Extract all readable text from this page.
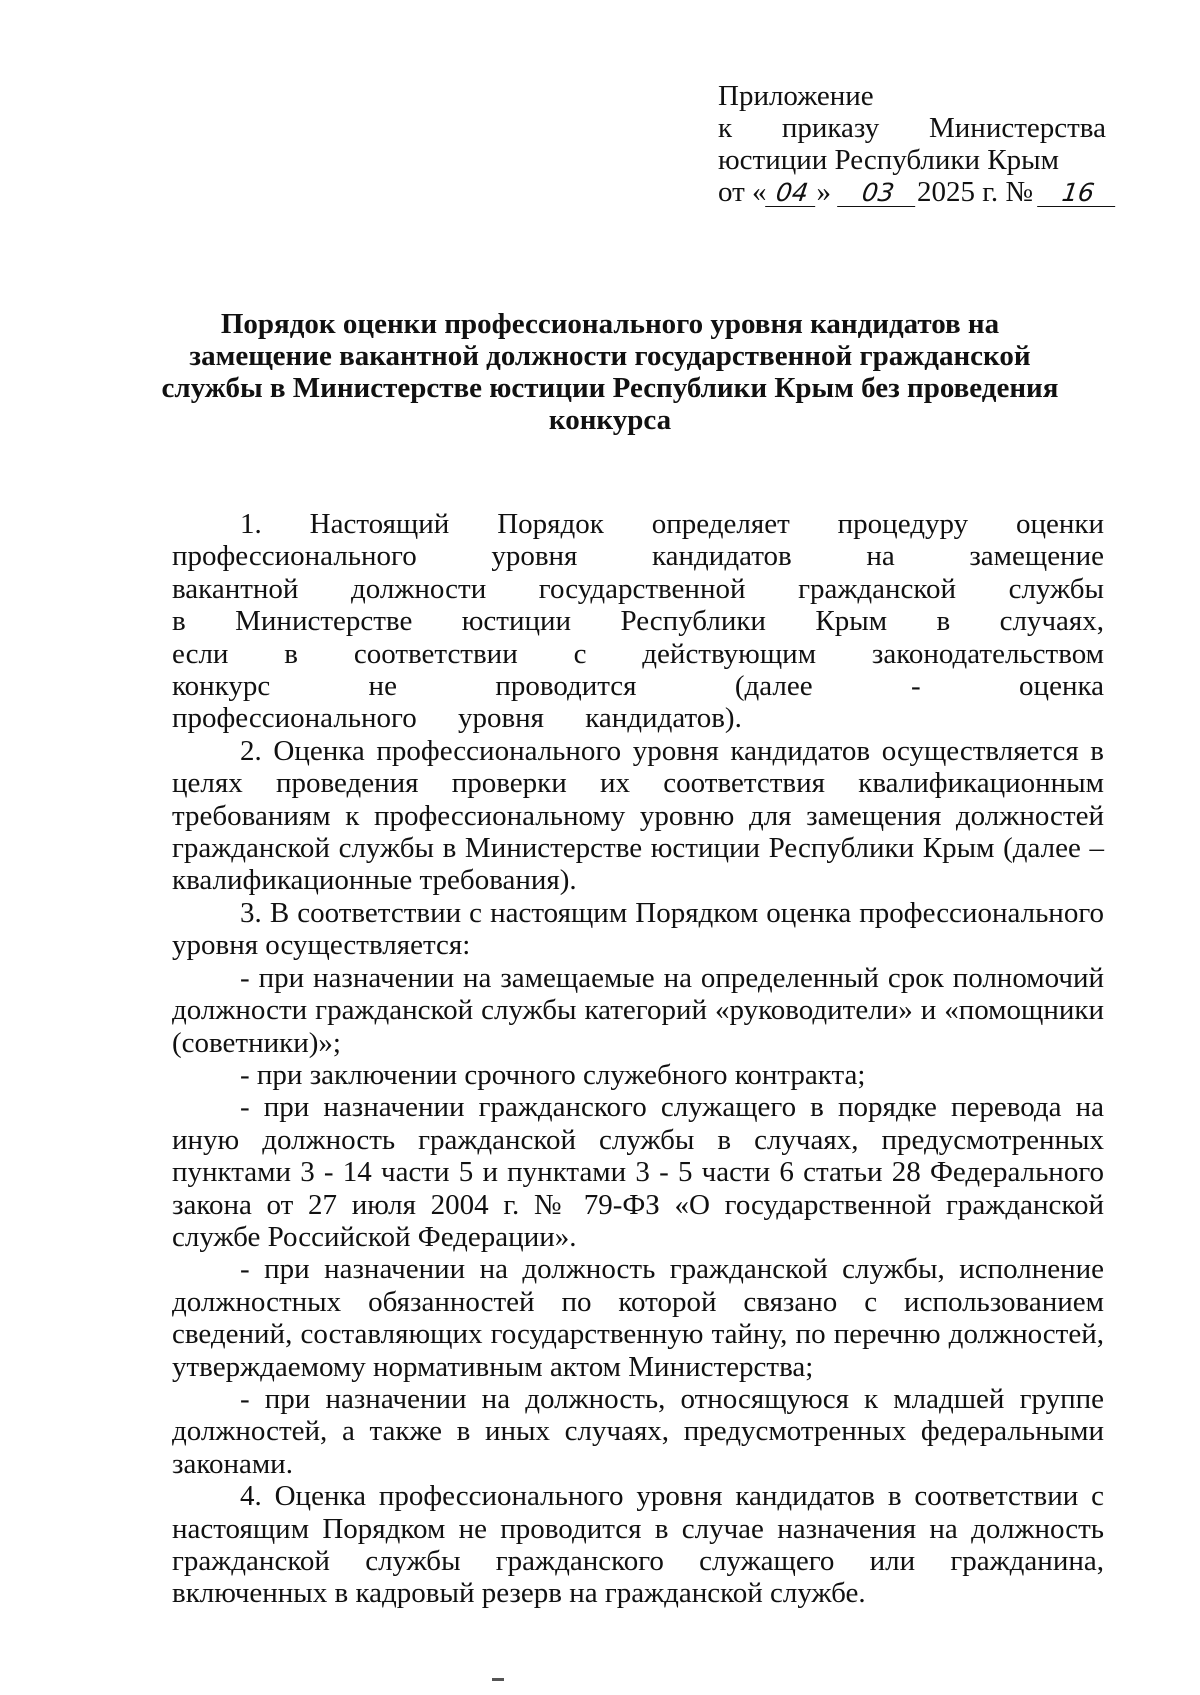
Приложение
к приказу Министерства
юстиции Республики Крым
от « 04 » 03 2025 г. № 16
Порядок оценки профессионального уровня кандидатов на
замещение вакантной должности государственной гражданской
службы в Министерстве юстиции Республики Крым без проведения
конкурса

1. Настоящий Порядок определяет процедуру оценки профессионального уровня кандидатов на замещение вакантной должности государственной гражданской службы в Министерстве юстиции Республики Крым в случаях, если в соответствии с действующим законодательством конкурс не проводится (далее - оценка профессионального уровня кандидатов).

2. Оценка профессионального уровня кандидатов осуществляется в целях проведения проверки их соответствия квалификационным требованиям к профессиональному уровню для замещения должностей гражданской службы в Министерстве юстиции Республики Крым (далее – квалификационные требования).

3. В соответствии с настоящим Порядком оценка профессионального уровня осуществляется:

- при назначении на замещаемые на определенный срок полномочий должности гражданской службы категорий «руководители» и «помощники (советники)»;

- при заключении срочного служебного контракта;

- при назначении гражданского служащего в порядке перевода на иную должность гражданской службы в случаях, предусмотренных пунктами 3 - 14 части 5 и пунктами 3 - 5 части 6 статьи 28 Федерального закона от 27 июля 2004 г. № 79-ФЗ «О государственной гражданской службе Российской Федерации».

- при назначении на должность гражданской службы, исполнение должностных обязанностей по которой связано с использованием сведений, составляющих государственную тайну, по перечню должностей, утверждаемому нормативным актом Министерства;

- при назначении на должность, относящуюся к младшей группе должностей, а также в иных случаях, предусмотренных федеральными законами.

4. Оценка профессионального уровня кандидатов в соответствии с настоящим Порядком не проводится в случае назначения на должность гражданской службы гражданского служащего или гражданина, включенных в кадровый резерв на гражданской службе.
